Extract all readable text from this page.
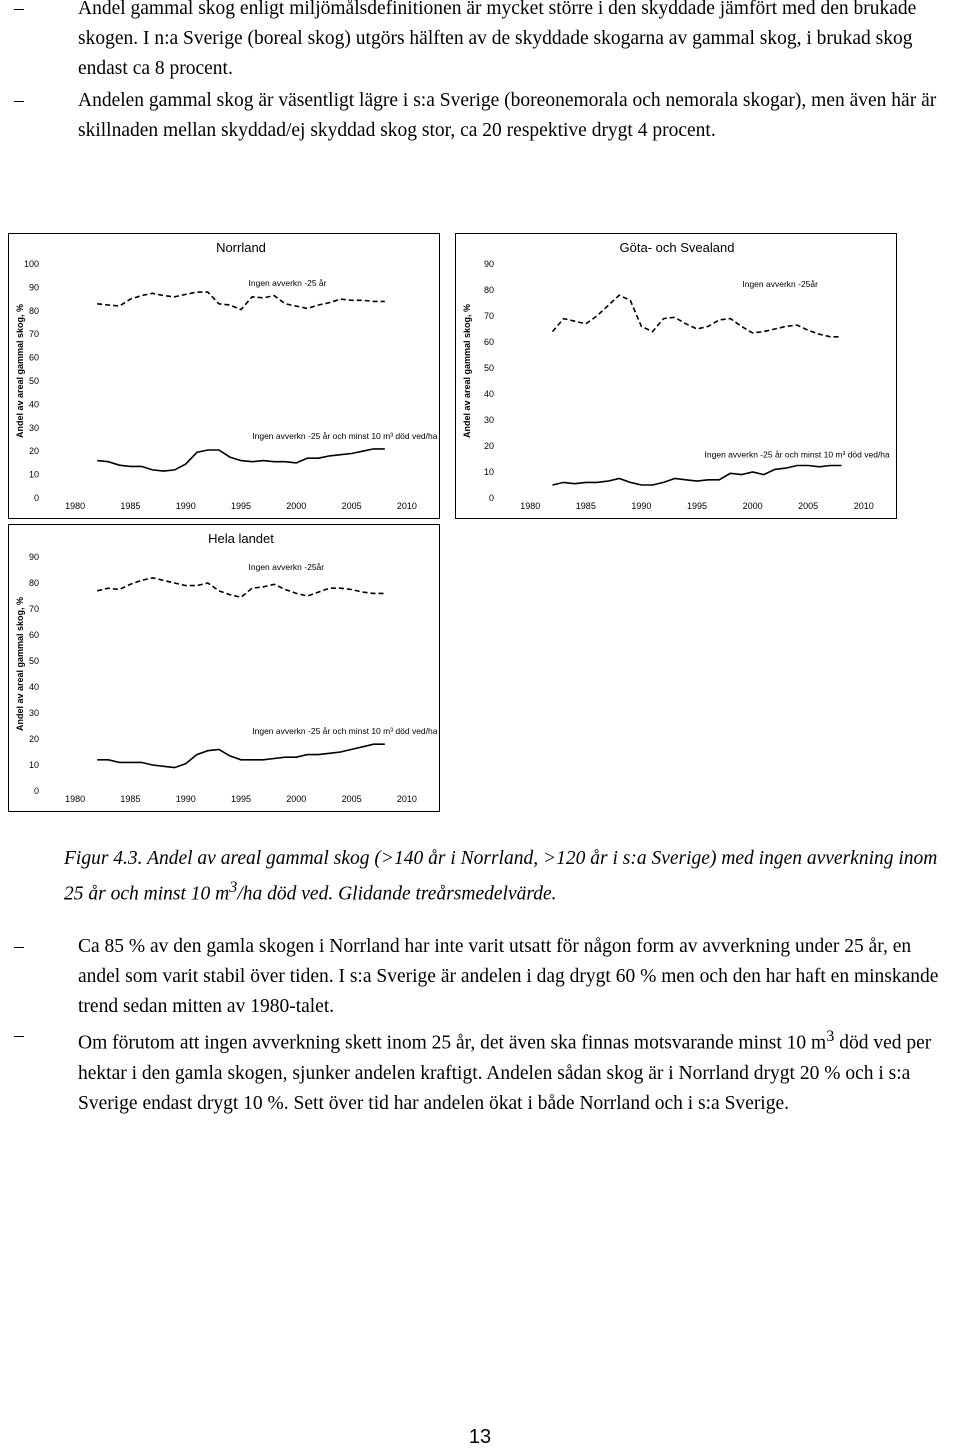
–	Andel gammal skog enligt miljömålsdefinitionen är mycket större i den skyddade jämfört med den brukade skogen. I n:a Sverige (boreal skog) utgörs hälften av de skyddade skogarna av gammal skog, i brukad skog endast ca 8 procent.
–	Andelen gammal skog är väsentligt lägre i s:a Sverige (boreonemorala och nemorala skogar), men även här är skillnaden mellan skyddad/ej skyddad skog stor, ca 20 respektive drygt 4 procent.
Norrland
Andel av areal gammal skog, %
0
10
20
30
40
50
60
70
80
90
100
1980	1985	1990	1995	2000	2005	2010
Ingen avverkn -25 år
Ingen avverkn -25 år och minst 10 m³ död ved/ha
Göta- och Svealand
Andel av areal gammal skog, %
0
10
20
30
40
50
60
70
80
90
1980	1985	1990	1995	2000	2005	2010
Ingen avverkn -25år
Ingen avverkn -25 år och minst 10 m³ död ved/ha
Hela landet
Andel av areal gammal skog, %
0
10
20
30
40
50
60
70
80
90
1980	1985	1990	1995	2000	2005	2010
Ingen avverkn -25år
Ingen avverkn -25 år och minst 10 m³ död ved/ha
Figur 4.3. Andel av areal gammal skog (>140 år i Norrland, >120 år i s:a Sverige) med ingen avverkning inom 25 år och minst 10 $m^3/ha$ död ved. Glidande treårsmedelvärde.
–	Ca 85 % av den gamla skogen i Norrland har inte varit utsatt för någon form av avverkning under 25 år, en andel som varit stabil över tiden. I s:a Sverige är andelen i dag drygt 60 % men och den har haft en minskande trend sedan mitten av 1980-talet.
–	Om förutom att ingen avverkning skett inom 25 år, det även ska finnas motsvarande minst 10 $m^3$ död ved per hektar i den gamla skogen, sjunker andelen kraftigt. Andelen sådan skog är i Norrland drygt 20 % och i s:a Sverige endast drygt 10 %. Sett över tid har andelen ökat i både Norrland och i s:a Sverige.
13
